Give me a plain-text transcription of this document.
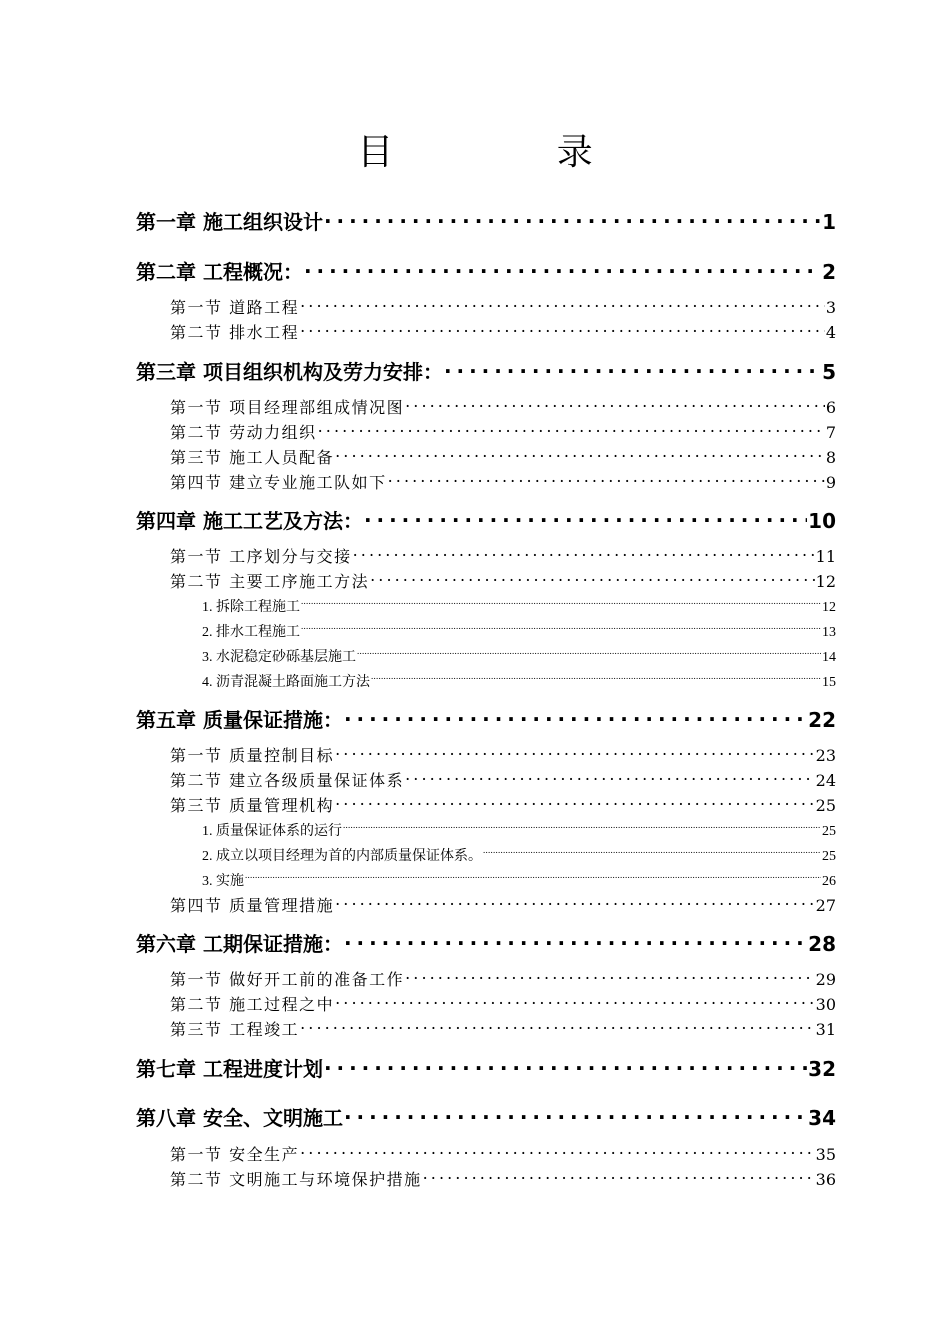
目 录
第一章 施工组织设计 . . .	1
第二章 工程概况： . . .	2
第一节 道路工程 . . .	3
第二节 排水工程 . . .	4
第三章 项目组织机构及劳力安排： . . .	5
第一节 项目经理部组成情况图 . . .	6
第二节 劳动力组织 . . .	7
第三节 施工人员配备 . . .	8
第四节 建立专业施工队如下 . . .	9
第四章 施工工艺及方法： . . .	10
第一节 工序划分与交接 . . .	11
第二节 主要工序施工方法 . . .	12
1. 拆除工程施工 . . .	12
2. 排水工程施工 . . .	13
3. 水泥稳定砂砾基层施工 . . .	14
4. 沥青混凝土路面施工方法 . . .	15
第五章 质量保证措施： . . .	22
第一节 质量控制目标 . . .	23
第二节 建立各级质量保证体系 . . .	24
第三节 质量管理机构 . . .	25
1. 质量保证体系的运行 . . .	25
2. 成立以项目经理为首的内部质量保证体系。 . . .	25
3. 实施 . . .	26
第四节 质量管理措施 . . .	27
第六章 工期保证措施： . . .	28
第一节 做好开工前的准备工作 . . .	29
第二节 施工过程之中 . . .	30
第三节 工程竣工 . . .	31
第七章 工程进度计划 . . .	32
第八章 安全、文明施工 . . .	34
第一节 安全生产 . . .	35
第二节 文明施工与环境保护措施 . . .	36
